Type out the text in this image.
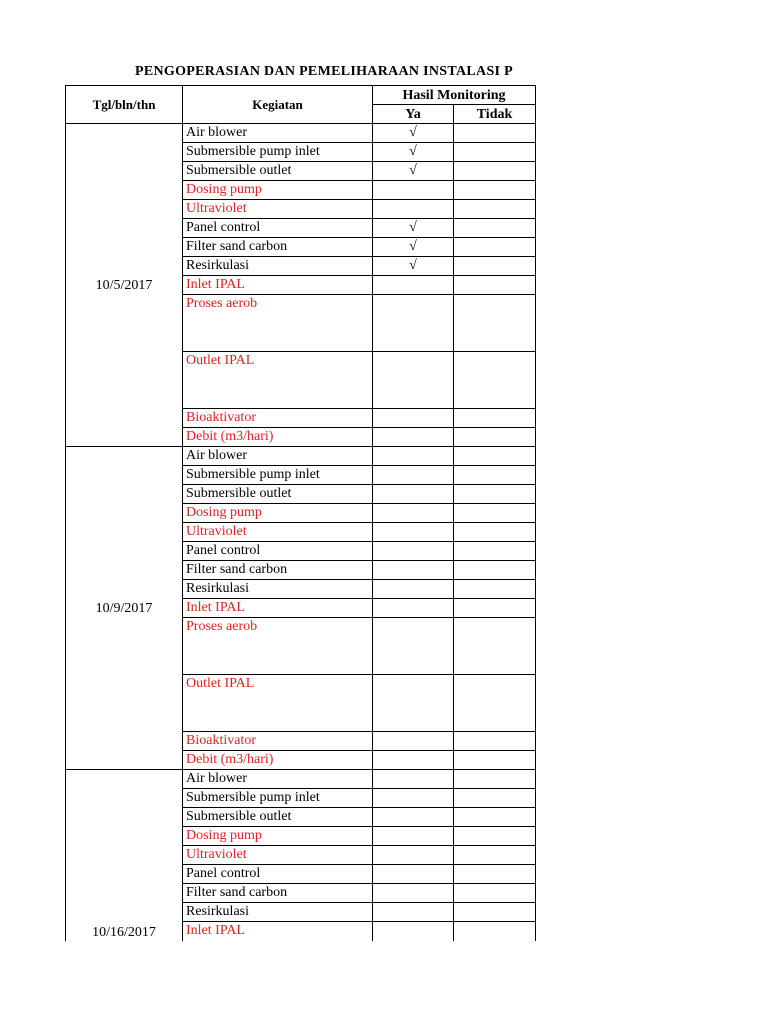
PENGOPERASIAN DAN PEMELIHARAAN INSTALASI P
Tgl/bln/thn	Kegiatan	Hasil Monitoring	
		Ya	Tidak
10/5/2017	Air blower	√	
	Submersible pump inlet	√	
	Submersible outlet	√	
	Dosing pump		
	Ultraviolet		
	Panel control	√	
	Filter sand carbon	√	
	Resirkulasi	√	
	Inlet IPAL		
	Proses aerob		
	Outlet IPAL		
	Bioaktivator		
	Debit (m3/hari)		
10/9/2017	Air blower		
	Submersible pump inlet		
	Submersible outlet		
	Dosing pump		
	Ultraviolet		
	Panel control		
	Filter sand carbon		
	Resirkulasi		
	Inlet IPAL		
	Proses aerob		
	Outlet IPAL		
	Bioaktivator		
	Debit (m3/hari)		
10/16/2017	Air blower		
	Submersible pump inlet		
	Submersible outlet		
	Dosing pump		
	Ultraviolet		
	Panel control		
	Filter sand carbon		
	Resirkulasi		
	Inlet IPAL		
